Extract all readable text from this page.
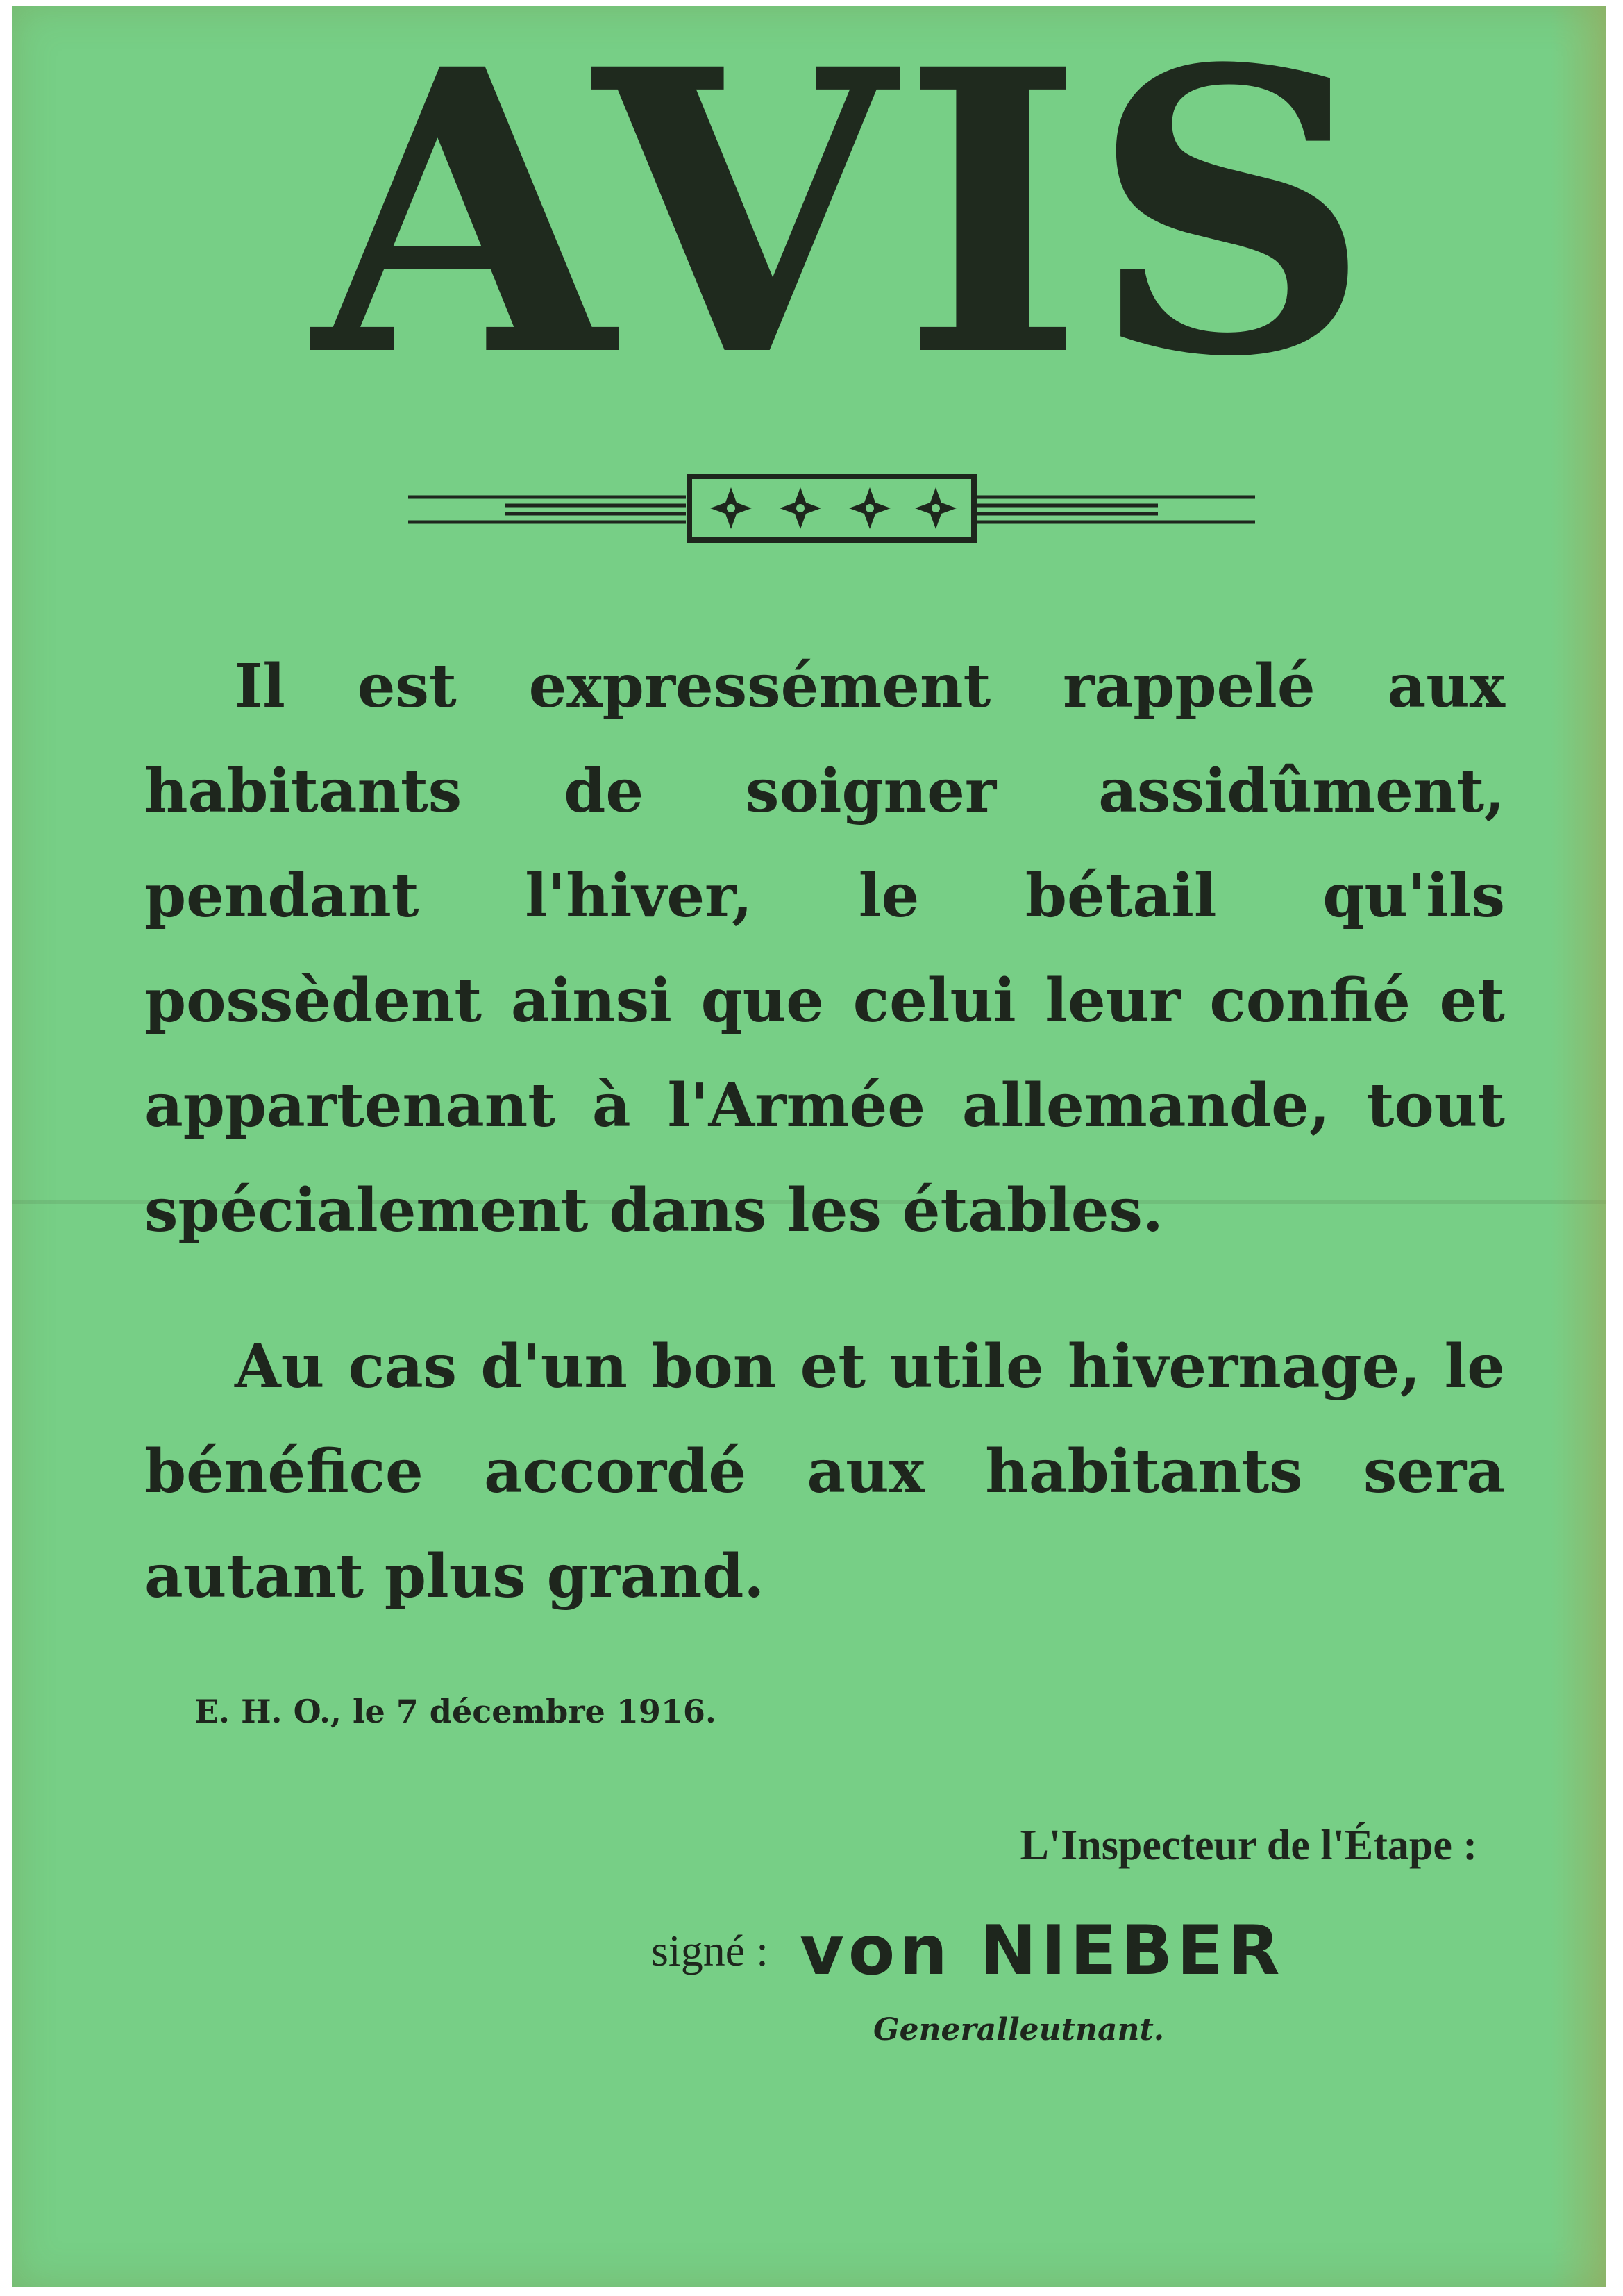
AVIS

Il est expressément rappelé aux habitants de soigner assidûment, pendant l'hiver, le bétail qu'ils possèdent ainsi que celui leur confié et appartenant à l'Armée allemande, tout spécialement dans les étables.

Au cas d'un bon et utile hivernage, le bénéfice accordé aux habitants sera autant plus grand.

E. H. O., le 7 décembre 1916.
L'Inspecteur de l'Étape :
signé : von NIEBER
Generalleutnant.
